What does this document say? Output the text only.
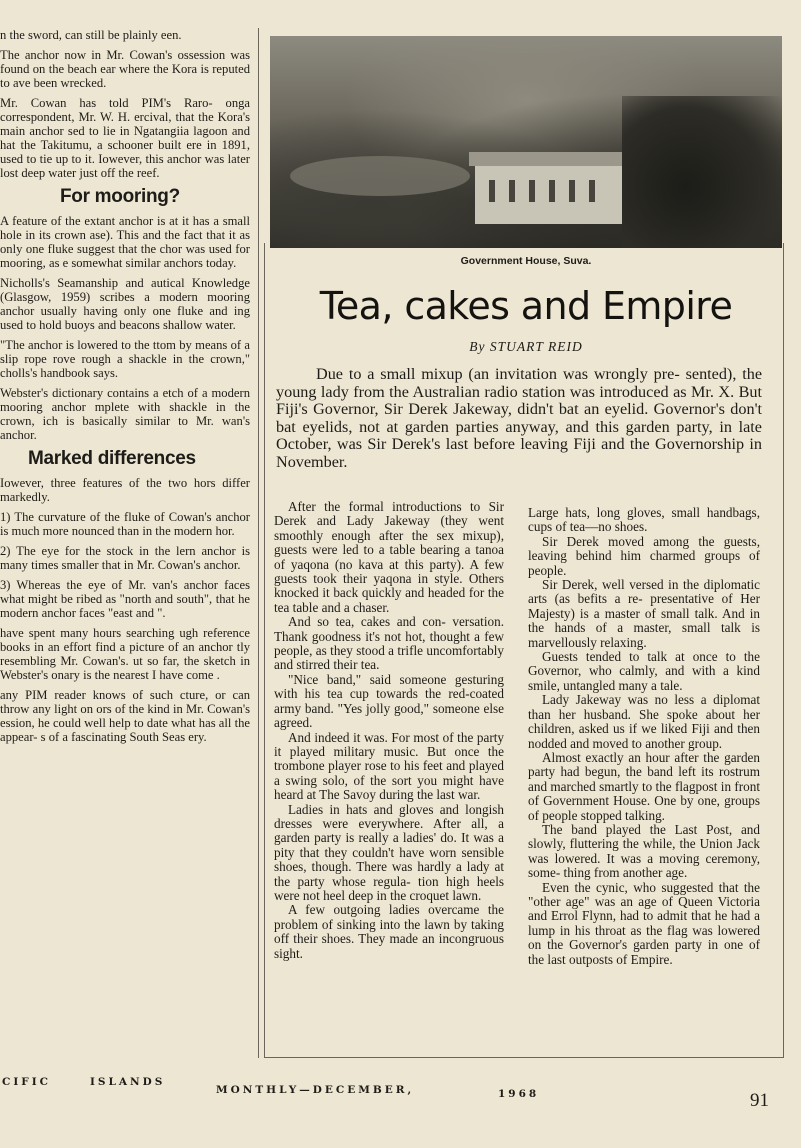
n the sword, can still be plainly een.

The anchor now in Mr. Cowan's ossession was found on the beach ear where the Kora is reputed to ave been wrecked.

Mr. Cowan has told PIM's Raro- onga correspondent, Mr. W. H. ercival, that the Kora's main anchor sed to lie in Ngatangiia lagoon and hat the Takitumu, a schooner built ere in 1891, used to tie up to it. Iowever, this anchor was later lost deep water just off the reef.

For mooring?

A feature of the extant anchor is at it has a small hole in its crown ase). This and the fact that it as only one fluke suggest that the chor was used for mooring, as e somewhat similar anchors today.

Nicholls's Seamanship and autical Knowledge (Glasgow, 1959) scribes a modern mooring anchor usually having only one fluke and ing used to hold buoys and beacons shallow water.

"The anchor is lowered to the ttom by means of a slip rope rove rough a shackle in the crown," cholls's handbook says.

Webster's dictionary contains a etch of a modern mooring anchor mplete with shackle in the crown, ich is basically similar to Mr. wan's anchor.

Marked differences

Iowever, three features of the two hors differ markedly.

1) The curvature of the fluke of Cowan's anchor is much more nounced than in the modern hor.

2) The eye for the stock in the lern anchor is many times smaller that in Mr. Cowan's anchor.

3) Whereas the eye of Mr. van's anchor faces what might be ribed as "north and south", that he modern anchor faces "east and ".

have spent many hours searching ugh reference books in an effort find a picture of an anchor tly resembling Mr. Cowan's. ut so far, the sketch in Webster's onary is the nearest I have come .

any PIM reader knows of such cture, or can throw any light on ors of the kind in Mr. Cowan's ession, he could well help to date what has all the appear- s of a fascinating South Seas ery.

Government House, Suva.
Tea, cakes and Empire
By STUART REID
Due to a small mixup (an invitation was wrongly pre- sented), the young lady from the Australian radio station was introduced as Mr. X. But Fiji's Governor, Sir Derek Jakeway, didn't bat an eyelid. Governor's don't bat eyelids, not at garden parties anyway, and this garden party, in late October, was Sir Derek's last before leaving Fiji and the Governorship in November.

After the formal introductions to Sir Derek and Lady Jakeway (they went smoothly enough after the sex mixup), guests were led to a table bearing a tanoa of yaqona (no kava at this party). A few guests took their yaqona in style. Others knocked it back quickly and headed for the tea table and a chaser.

And so tea, cakes and con- versation. Thank goodness it's not hot, thought a few people, as they stood a trifle uncomfortably and stirred their tea.

"Nice band," said someone gesturing with his tea cup towards the red-coated army band. "Yes jolly good," someone else agreed.

And indeed it was. For most of the party it played military music. But once the trombone player rose to his feet and played a swing solo, of the sort you might have heard at The Savoy during the last war.

Ladies in hats and gloves and longish dresses were everywhere. After all, a garden party is really a ladies' do. It was a pity that they couldn't have worn sensible shoes, though. There was hardly a lady at the party whose regula- tion high heels were not heel deep in the croquet lawn.

A few outgoing ladies overcame the problem of sinking into the lawn by taking off their shoes. They made an incongruous sight.

Large hats, long gloves, small handbags, cups of tea—no shoes.

Sir Derek moved among the guests, leaving behind him charmed groups of people.

Sir Derek, well versed in the diplomatic arts (as befits a re- presentative of Her Majesty) is a master of small talk. And in the hands of a master, small talk is marvellously relaxing.

Guests tended to talk at once to the Governor, who calmly, and with a kind smile, untangled many a tale.

Lady Jakeway was no less a diplomat than her husband. She spoke about her children, asked us if we liked Fiji and then nodded and moved to another group.

Almost exactly an hour after the garden party had begun, the band left its rostrum and marched smartly to the flagpost in front of Government House. One by one, groups of people stopped talking.

The band played the Last Post, and slowly, fluttering the while, the Union Jack was lowered. It was a moving ceremony, some- thing from another age.

Even the cynic, who suggested that the "other age" was an age of Queen Victoria and Errol Flynn, had to admit that he had a lump in his throat as the flag was lowered on the Governor's garden party in one of the last outposts of Empire.

CIFIC	ISLANDS
MONTHLY—DECEMBER,	1968	91
